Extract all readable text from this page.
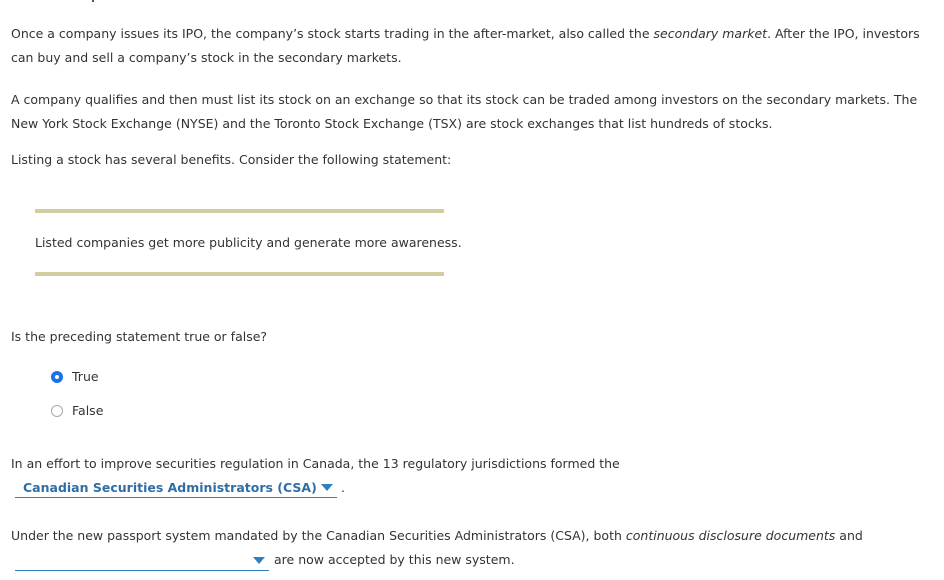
Once a company issues its IPO, the company’s stock starts trading in the after-market, also called the secondary market. After the IPO, investors can buy and sell a company’s stock in the secondary markets.

A company qualifies and then must list its stock on an exchange so that its stock can be traded among investors on the secondary markets. The New York Stock Exchange (NYSE) and the Toronto Stock Exchange (TSX) are stock exchanges that list hundreds of stocks.

Listing a stock has several benefits. Consider the following statement:

Listed companies get more publicity and generate more awareness.
Is the preceding statement true or false?
True
False
In an effort to improve securities regulation in Canada, the 13 regulatory jurisdictions formed the
Canadian Securities Administrators (CSA)	.
Under the new passport system mandated by the Canadian Securities Administrators (CSA), both continuous disclosure documents and
are now accepted by this new system.
